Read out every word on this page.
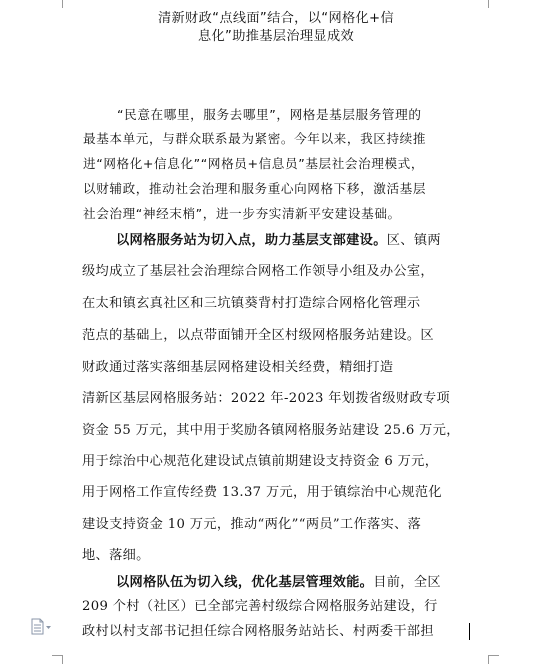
清新财政“点线面”结合，以“网格化+信
息化”助推基层治理显成效
“民意在哪里，服务去哪里”，网格是基层服务管理的
最基本单元，与群众联系最为紧密。今年以来，我区持续推
进“网格化+信息化”“网格员+信息员”基层社会治理模式，
以财辅政，推动社会治理和服务重心向网格下移，激活基层
社会治理“神经末梢”，进一步夯实清新平安建设基础。
以网格服务站为切入点，助力基层支部建设。区、镇两
级均成立了基层社会治理综合网格工作领导小组及办公室，
在太和镇玄真社区和三坑镇葵背村打造综合网格化管理示
范点的基础上，以点带面铺开全区村级网格服务站建设。区
财政通过落实落细基层网格建设相关经费，精细打造
清新区基层网格服务站：2022 年-2023 年划拨省级财政专项
资金 55 万元，其中用于奖励各镇网格服务站建设 25.6 万元，
用于综治中心规范化建设试点镇前期建设支持资金 6 万元，
用于网格工作宣传经费 13.37 万元，用于镇综治中心规范化
建设支持资金 10 万元，推动“两化”“两员”工作落实、落
地、落细。
以网格队伍为切入线，优化基层管理效能。目前，全区
209 个村（社区）已全部完善村级综合网格服务站建设，行
政村以村支部书记担任综合网格服务站站长、村两委干部担
